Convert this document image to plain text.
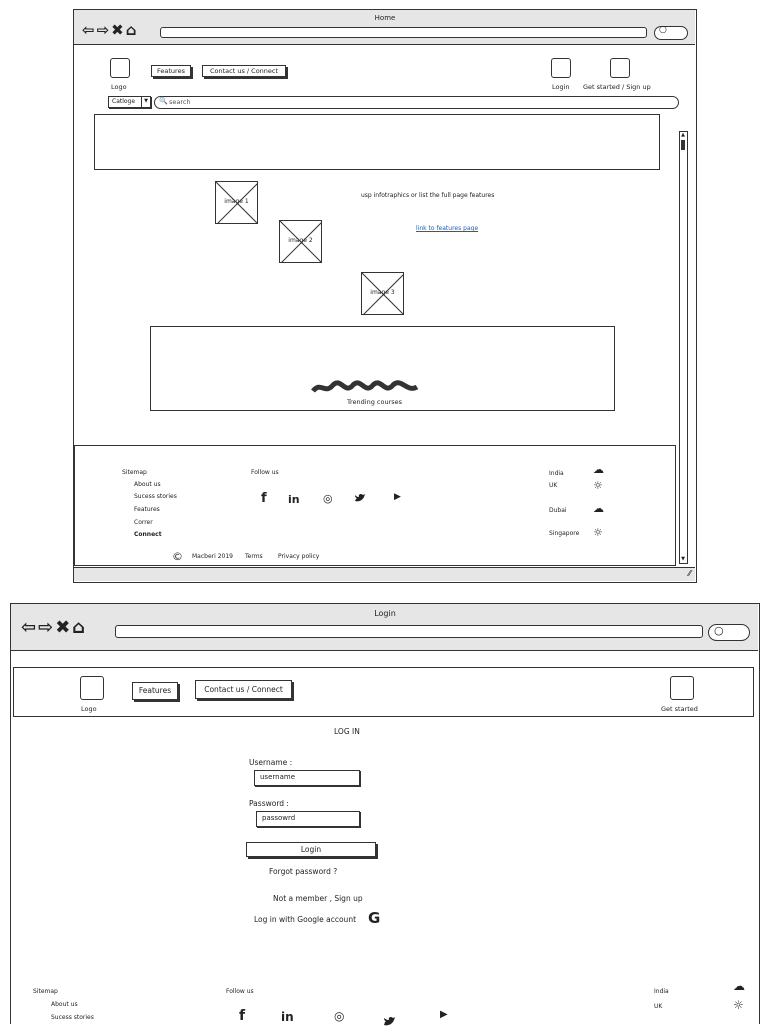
Home
⇦⇨✖⌂	○
Logo
Features	Contact us / Connect
Login Get started / Sign up
Catloge	▼ 🔍 search
image 1
image 2
image 3
usp infotraphics or list the full page features
link to features page
Trending courses
▲
▼
Sitemap
About us
Sucess stories
Features
Correr
Connect
Follow us
f in ◎	▶
© Macberi 2019 Terms	Privacy policy
India	☁
UK	☼
Dubai ☁
Singapore ☼
⁄⁄
Login
⇦⇨✖⌂	○
Logo
Features	Contact us / Connect
Get started
LOG IN
Username :
username
Password :
passowrd
Login
Forgot password ?
Not a member , Sign up
Log in with Google account G
Sitemap
About us
Sucess stories
Follow us
f	in	◎	▶
India	☁
UK	☼
